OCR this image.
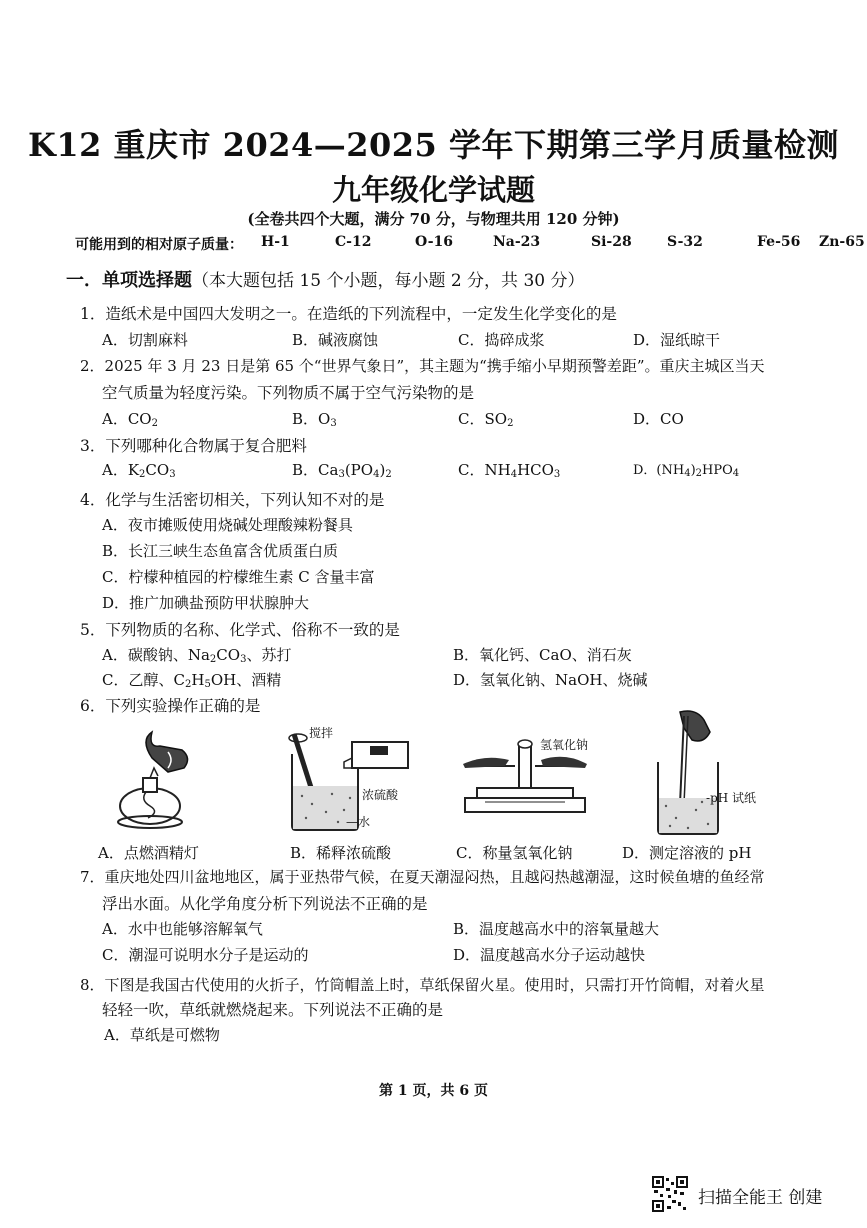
K12 重庆市 2024—2025 学年下期第三学月质量检测
九年级化学试题
(全卷共四个大题，满分 70 分，与物理共用 120 分钟)
可能用到的相对原子质量：	H-1	C-12	O-16	Na-23	Si-28	S-32	Fe-56	Zn-65
一．单项选择题（本大题包括 15 个小题，每小题 2 分，共 30 分）
1．造纸术是中国四大发明之一。在造纸的下列流程中，一定发生化学变化的是
A．切割麻料	B．碱液腐蚀	C．捣碎成浆	D．湿纸晾干
2．2025 年 3 月 23 日是第 65 个“世界气象日”，其主题为“携手缩小早期预警差距”。重庆主城区当天
空气质量为轻度污染。下列物质不属于空气污染物的是
A．$CO_2$	B．$O_3$	C．$SO_2$	D．CO
3．下列哪种化合物属于复合肥料
A．$K_2CO_3$	B．$Ca_3(PO_4)_2$	C．$NH_4HCO_3$	D．$(NH_4)_2HPO_4$
4．化学与生活密切相关，下列认知不对的是
A．夜市摊贩使用烧碱处理酸辣粉餐具
B．长江三峡生态鱼富含优质蛋白质
C．柠檬种植园的柠檬维生素 C 含量丰富
D．推广加碘盐预防甲状腺肿大
5．下列物质的名称、化学式、俗称不一致的是
A．碳酸钠、$Na_2CO_3$、苏打	B．氧化钙、CaO、消石灰
C．乙醇、$C_2H_5OH$、酒精	D．氢氧化钠、NaOH、烧碱
6．下列实验操作正确的是
搅拌
浓硫酸
—水
氢氧化钠
-pH 试纸
A．点燃酒精灯	B．稀释浓硫酸	C．称量氢氧化钠	D．测定溶液的 pH
7．重庆地处四川盆地地区，属于亚热带气候，在夏天潮湿闷热，且越闷热越潮湿，这时候鱼塘的鱼经常
浮出水面。从化学角度分析下列说法不正确的是
A．水中也能够溶解氧气	B．温度越高水中的溶氧量越大
C．潮湿可说明水分子是运动的	D．温度越高水分子运动越快
8．下图是我国古代使用的火折子，竹筒帽盖上时，草纸保留火星。使用时，只需打开竹筒帽，对着火星
轻轻一吹，草纸就燃烧起来。下列说法不正确的是
A．草纸是可燃物
第 1 页，共 6 页
扫描全能王 创建
